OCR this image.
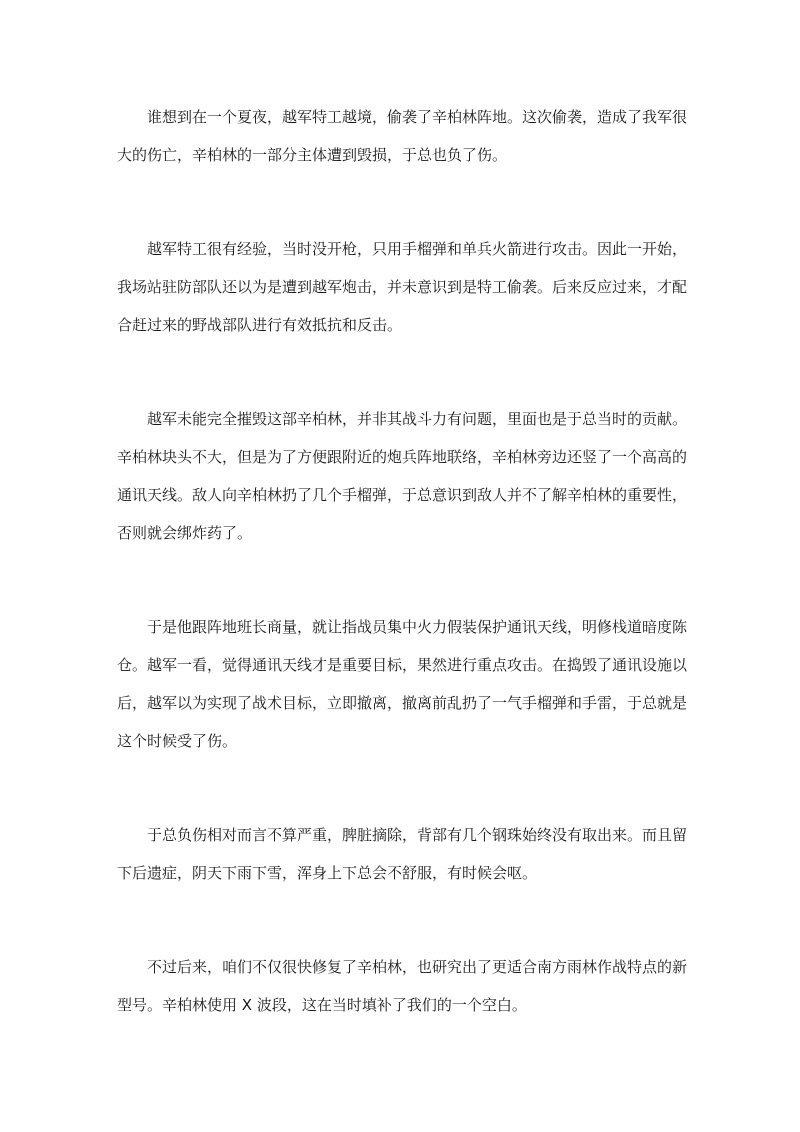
谁想到在一个夏夜，越军特工越境，偷袭了辛柏林阵地。这次偷袭，造成了我军很大的伤亡，辛柏林的一部分主体遭到毁损，于总也负了伤。

越军特工很有经验，当时没开枪，只用手榴弹和单兵火箭进行攻击。因此一开始，我场站驻防部队还以为是遭到越军炮击，并未意识到是特工偷袭。后来反应过来，才配合赶过来的野战部队进行有效抵抗和反击。

越军未能完全摧毁这部辛柏林，并非其战斗力有问题，里面也是于总当时的贡献。辛柏林块头不大，但是为了方便跟附近的炮兵阵地联络，辛柏林旁边还竖了一个高高的通讯天线。敌人向辛柏林扔了几个手榴弹，于总意识到敌人并不了解辛柏林的重要性，否则就会绑炸药了。

于是他跟阵地班长商量，就让指战员集中火力假装保护通讯天线，明修栈道暗度陈仓。越军一看，觉得通讯天线才是重要目标，果然进行重点攻击。在捣毁了通讯设施以后，越军以为实现了战术目标，立即撤离，撤离前乱扔了一气手榴弹和手雷，于总就是这个时候受了伤。

于总负伤相对而言不算严重，脾脏摘除，背部有几个钢珠始终没有取出来。而且留下后遗症，阴天下雨下雪，浑身上下总会不舒服，有时候会呕。

不过后来，咱们不仅很快修复了辛柏林，也研究出了更适合南方雨林作战特点的新型号。辛柏林使用 X 波段，这在当时填补了我们的一个空白。
